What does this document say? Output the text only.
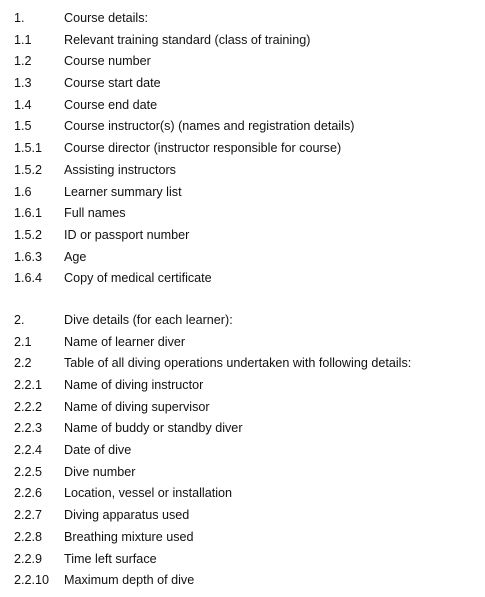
1.	Course details:
1.1	Relevant training standard (class of training)
1.2	Course number
1.3	Course start date
1.4	Course end date
1.5	Course instructor(s) (names and registration details)
1.5.1	Course director (instructor responsible for course)
1.5.2	Assisting instructors
1.6	Learner summary list
1.6.1	Full names
1.5.2	ID or passport number
1.6.3	Age
1.6.4	Copy of medical certificate
2.	Dive details (for each learner):
2.1	Name of learner diver
2.2	Table of all diving operations undertaken with following details:
2.2.1	Name of diving instructor
2.2.2	Name of diving supervisor
2.2.3	Name of buddy or standby diver
2.2.4	Date of dive
2.2.5	Dive number
2.2.6	Location, vessel or installation
2.2.7	Diving apparatus used
2.2.8	Breathing mixture used
2.2.9	Time left surface
2.2.10	Maximum depth of dive
